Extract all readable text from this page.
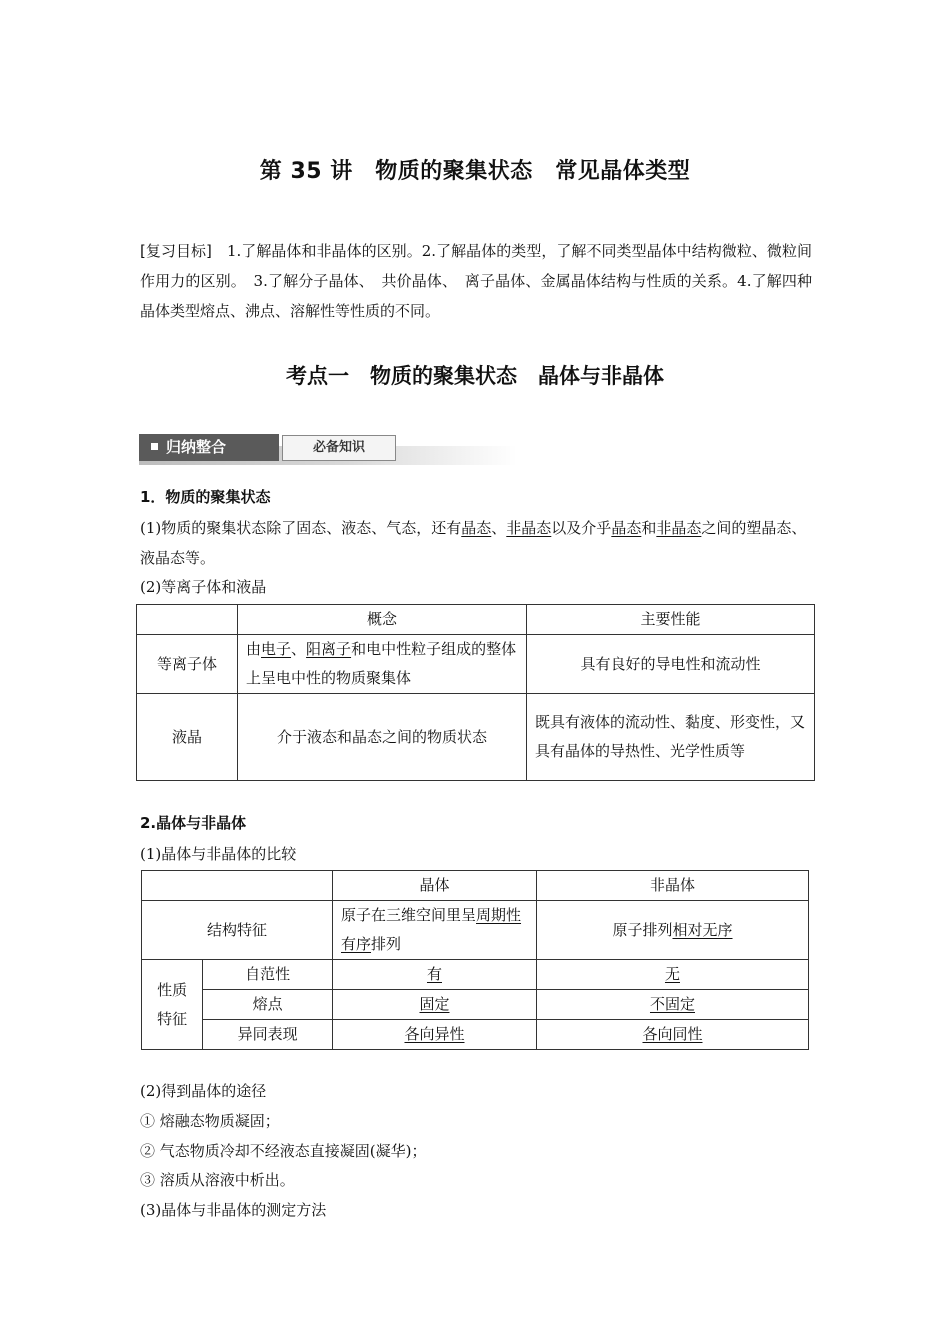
第 35 讲　物质的聚集状态　常见晶体类型
[复习目标]　1.了解晶体和非晶体的区别。2.了解晶体的类型，了解不同类型晶体中结构微粒、微粒间作用力的区别。　3.了解分子晶体、　共价晶体、　离子晶体、金属晶体结构与性质的关系。4.了解四种晶体类型熔点、沸点、溶解性等性质的不同。
考点一　物质的聚集状态　晶体与非晶体
归纳整合	必备知识
1．物质的聚集状态
(1)物质的聚集状态除了固态、液态、气态，还有晶态、非晶态以及介乎晶态和非晶态之间的塑晶态、液晶态等。
(2)等离子体和液晶
	概念	主要性能
等离子体	由电子、阳离子和电中性粒子组成的整体上呈电中性的物质聚集体	具有良好的导电性和流动性
液晶	介于液态和晶态之间的物质状态	既具有液体的流动性、黏度、形变性，又具有晶体的导热性、光学性质等
2.晶体与非晶体
(1)晶体与非晶体的比较
		晶体	非晶体
结构特征		原子在三维空间里呈周期性有序排列	原子排列相对无序
性质特征	自范性	有	无
	熔点	固定	不固定
	异同表现	各向异性	各向同性
(2)得到晶体的途径
① 熔融态物质凝固；
② 气态物质冷却不经液态直接凝固(凝华)；
③ 溶质从溶液中析出。
(3)晶体与非晶体的测定方法
